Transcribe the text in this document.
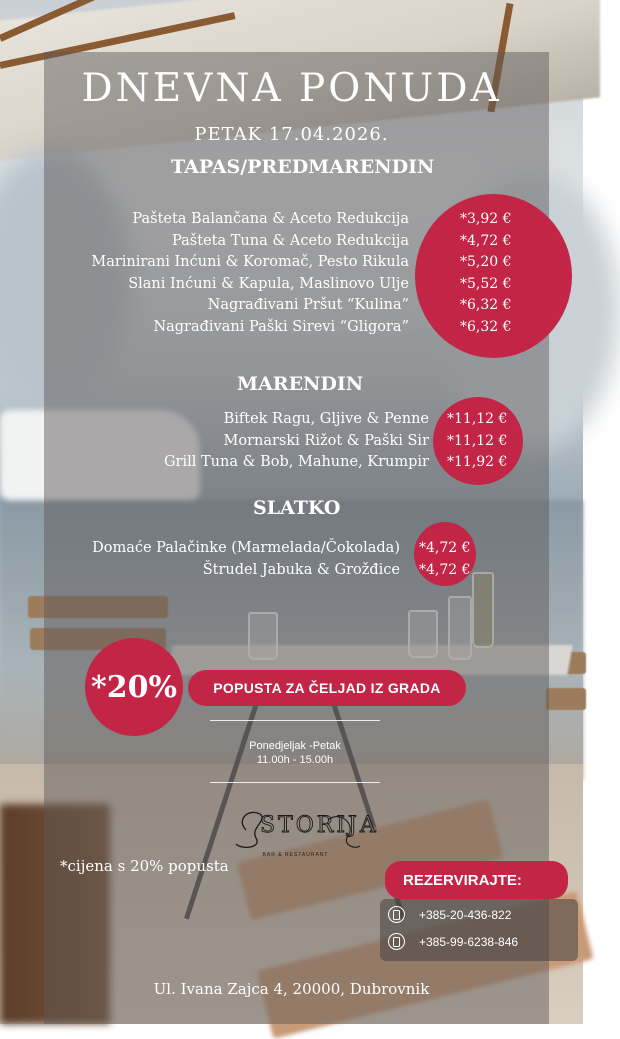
DNEVNA PONUDA
PETAK 17.04.2026.
TAPAS/PREDMARENDIN
Pašteta Balančana & Aceto Redukcija
Pašteta Tuna & Aceto Redukcija
Marinirani Inćuni & Koromač, Pesto Rikula
Slani Inćuni & Kapula, Maslinovo Ulje
Nagrađivani Pršut “Kulina”
Nagrađivani Paški Sirevi “Gligora”
*3,92 €
*4,72 €
*5,20 €
*5,52 €
*6,32 €
*6,32 €
MARENDIN
Biftek Ragu, Gljive & Penne
Mornarski Rižot & Paški Sir
Grill Tuna & Bob, Mahune, Krumpir
*11,12 €
*11,12 €
*11,92 €
SLATKO
Domaće Palačinke (Marmelada/Čokolada)
Štrudel Jabuka & Grožđice
*4,72 €
*4,72 €
*20%	POPUSTA ZA ČELJAD IZ GRADA
Ponedjeljak -Petak
11.00h - 15.00h
STORIJA
BAR & RESTAURANT
*cijena s 20% popusta
REZERVIRAJTE:
+385-20-436-822
+385-99-6238-846
Ul. Ivana Zajca 4, 20000, Dubrovnik
